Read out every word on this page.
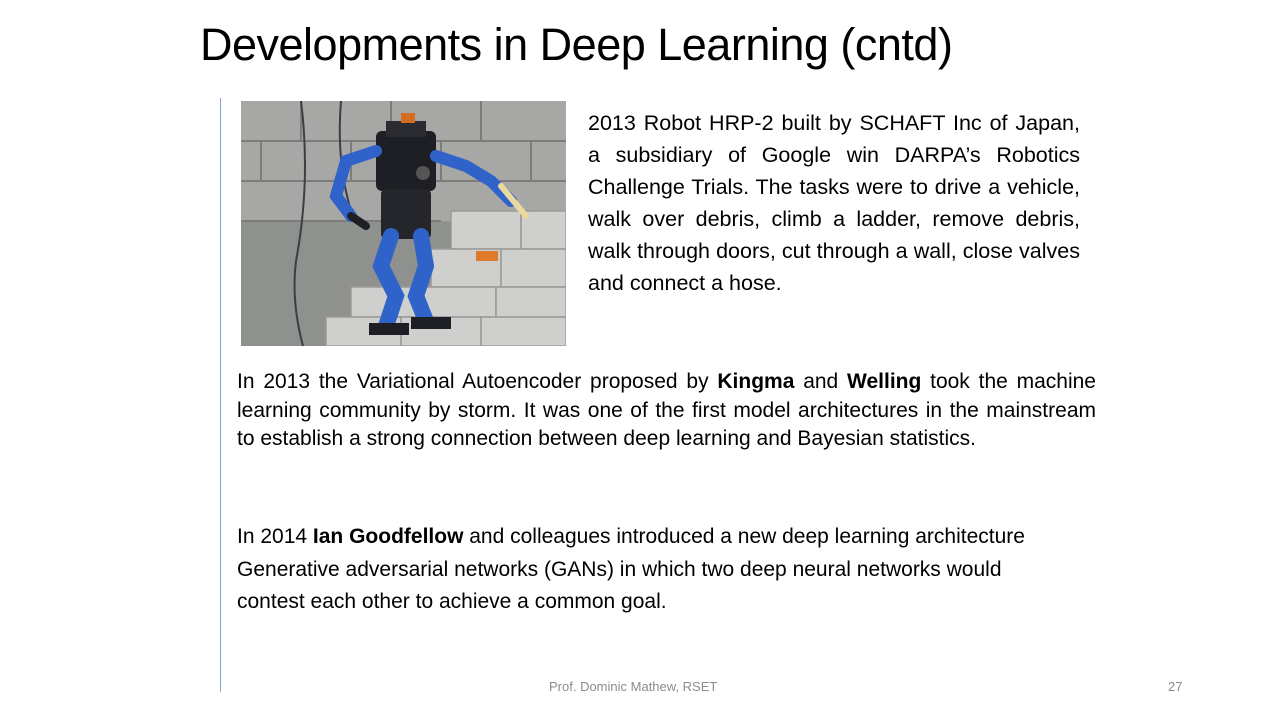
Developments in Deep Learning (cntd)
2013 Robot HRP-2 built by SCHAFT Inc of Japan, a subsidiary of Google win DARPA’s Robotics Challenge Trials. The tasks were to drive a vehicle, walk over debris, climb a ladder, remove debris, walk through doors, cut through a wall, close valves and connect a hose.
In 2013 the Variational Autoencoder proposed by Kingma and Welling took the machine learning community by storm. It was one of the first model architectures in the mainstream to establish a strong connection between deep learning and Bayesian statistics.
In 2014 Ian Goodfellow and colleagues introduced a new deep learning architecture Generative adversarial networks (GANs) in which two deep neural networks would contest each other to achieve a common goal.
Prof. Dominic Mathew, RSET	27
